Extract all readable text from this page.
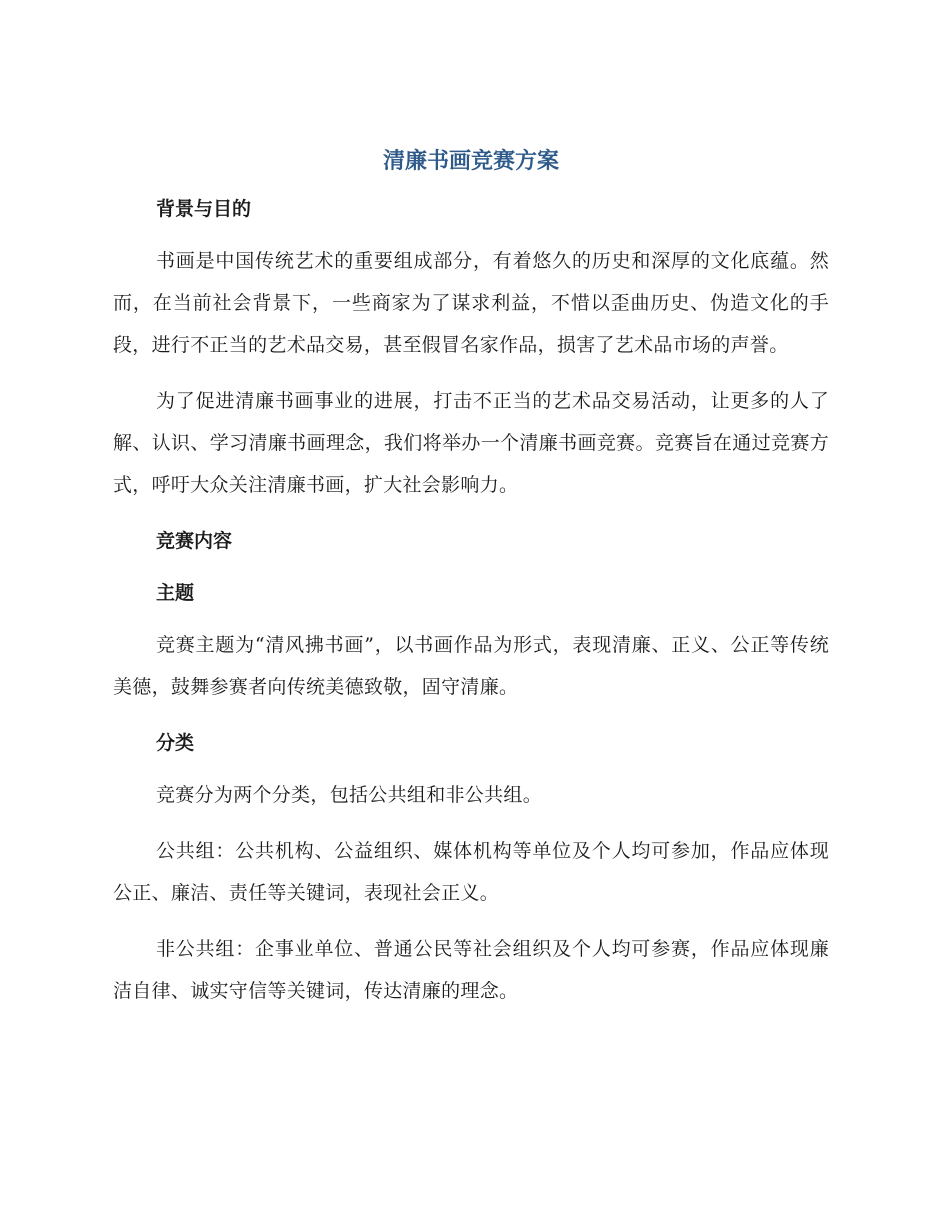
清廉书画竞赛方案
背景与目的

书画是中国传统艺术的重要组成部分，有着悠久的历史和深厚的文化底蕴。然而，在当前社会背景下，一些商家为了谋求利益，不惜以歪曲历史、伪造文化的手段，进行不正当的艺术品交易，甚至假冒名家作品，损害了艺术品市场的声誉。

为了促进清廉书画事业的进展，打击不正当的艺术品交易活动，让更多的人了解、认识、学习清廉书画理念，我们将举办一个清廉书画竞赛。竞赛旨在通过竞赛方式，呼吁大众关注清廉书画，扩大社会影响力。

竞赛内容
主题

竞赛主题为“清风拂书画”，以书画作品为形式，表现清廉、正义、公正等传统美德，鼓舞参赛者向传统美德致敬，固守清廉。

分类

竞赛分为两个分类，包括公共组和非公共组。

公共组：公共机构、公益组织、媒体机构等单位及个人均可参加，作品应体现公正、廉洁、责任等关键词，表现社会正义。

非公共组：企事业单位、普通公民等社会组织及个人均可参赛，作品应体现廉洁自律、诚实守信等关键词，传达清廉的理念。
